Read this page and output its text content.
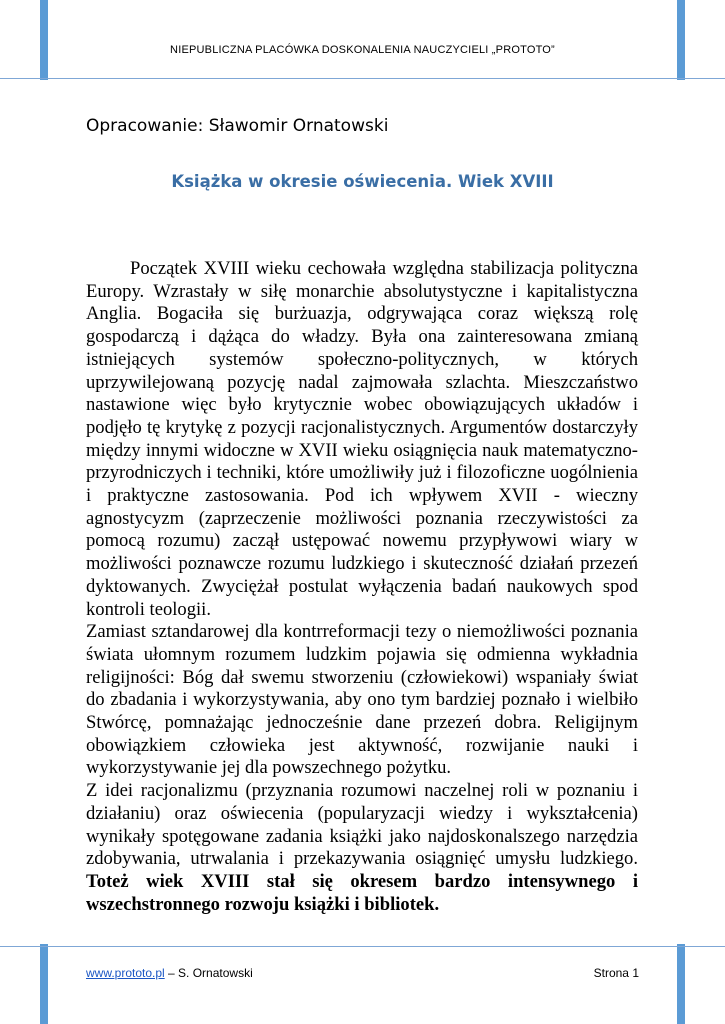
NIEPUBLICZNA PLACÓWKA DOSKONALENIA NAUCZYCIELI „PROTOTO”
Opracowanie: Sławomir Ornatowski
Książka w okresie oświecenia. Wiek XVIII

Początek XVIII wieku cechowała względna stabilizacja polityczna Europy. Wzrastały w siłę monarchie absolutystyczne i kapitalistyczna Anglia. Bogaciła się burżuazja, odgrywająca coraz większą rolę gospodarczą i dążąca do władzy. Była ona zainteresowana zmianą istniejących systemów społeczno-politycznych, w których uprzywilejowaną pozycję nadal zajmowała szlachta. Mieszczaństwo nastawione więc było krytycznie wobec obowiązujących układów i podjęło tę krytykę z pozycji racjonalistycznych. Argumentów dostarczyły między innymi widoczne w XVII wieku osiągnięcia nauk matematyczno-przyrodniczych i techniki, które umożliwiły już i filozoficzne uogólnienia i praktyczne zastosowania. Pod ich wpływem XVII - wieczny agnostycyzm (zaprzeczenie możliwości poznania rzeczywistości za pomocą rozumu) zaczął ustępować nowemu przypływowi wiary w możliwości poznawcze rozumu ludzkiego i skuteczność działań przezeń dyktowanych. Zwyciężał postulat wyłączenia badań naukowych spod kontroli teologii.

Zamiast sztandarowej dla kontrreformacji tezy o niemożliwości poznania świata ułomnym rozumem ludzkim pojawia się odmienna wykładnia religijności: Bóg dał swemu stworzeniu (człowiekowi) wspaniały świat do zbadania i wykorzystywania, aby ono tym bardziej poznało i wielbiło Stwórcę, pomnażając jednocześnie dane przezeń dobra. Religijnym obowiązkiem człowieka jest aktywność, rozwijanie nauki i wykorzystywanie jej dla powszechnego pożytku.

Z idei racjonalizmu (przyznania rozumowi naczelnej roli w poznaniu i działaniu) oraz oświecenia (popularyzacji wiedzy i wykształcenia) wynikały spotęgowane zadania książki jako najdoskonalszego narzędzia zdobywania, utrwalania i przekazywania osiągnięć umysłu ludzkiego. Toteż wiek XVIII stał się okresem bardzo intensywnego i wszechstronnego rozwoju książki i bibliotek.

www.prototo.pl – S. Ornatowski	Strona 1
